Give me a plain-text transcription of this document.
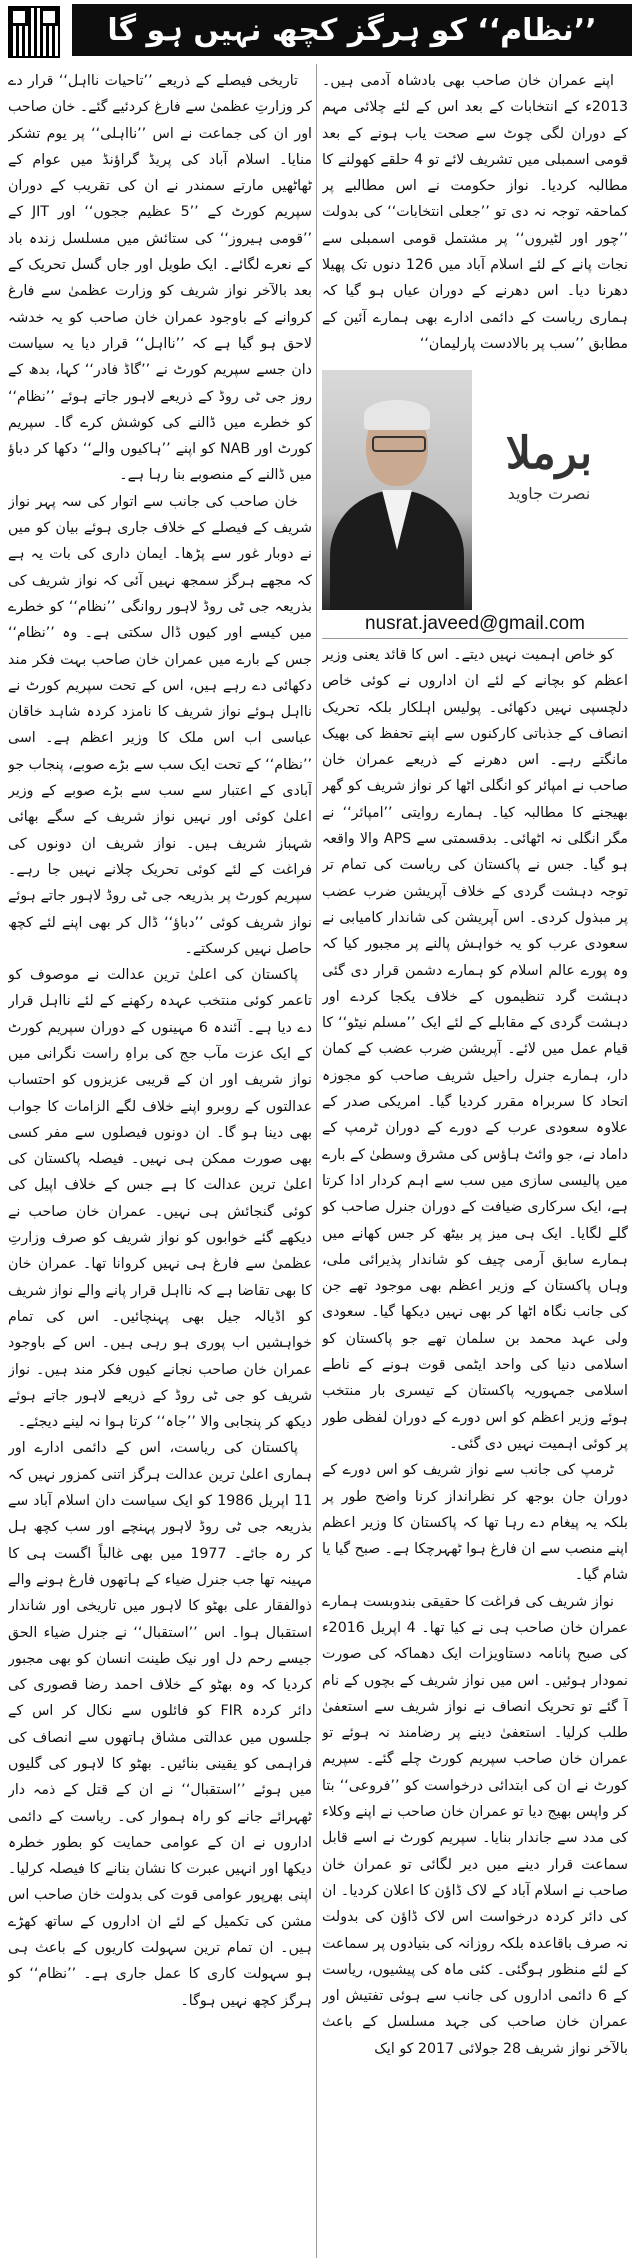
’’نظام‘‘ کو ہرگز کچھ نہیں ہو گا

اپنے عمران خان صاحب بھی بادشاہ آدمی ہیں۔ 2013ء کے انتخابات کے بعد اس کے لئے چلائی مہم کے دوران لگی چوٹ سے صحت یاب ہونے کے بعد قومی اسمبلی میں تشریف لائے تو 4 حلقے کھولنے کا مطالبہ کردیا۔ نواز حکومت نے اس مطالبے پر کماحقہ توجہ نہ دی تو ’’جعلی انتخابات‘‘ کی بدولت ’’چور اور لٹیروں‘‘ پر مشتمل قومی اسمبلی سے نجات پانے کے لئے اسلام آباد میں 126 دنوں تک پھیلا دھرنا دیا۔ اس دھرنے کے دوران عیاں ہو گیا کہ ہماری ریاست کے دائمی ادارے بھی ہمارے آئین کے مطابق ’’سب پر بالادست پارلیمان‘‘

برملا
نصرت جاوید
nusrat.javeed@gmail.com

کو خاص اہمیت نہیں دیتے۔ اس کا قائد یعنی وزیر اعظم کو بچانے کے لئے ان اداروں نے کوئی خاص دلچسپی نہیں دکھائی۔ پولیس اہلکار بلکہ تحریک انصاف کے جذباتی کارکنوں سے اپنے تحفظ کی بھیک مانگتے رہے۔ اس دھرنے کے ذریعے عمران خان صاحب نے امپائر کو انگلی اٹھا کر نواز شریف کو گھر بھیجنے کا مطالبہ کیا۔ ہمارے روایتی ’’امپائر‘‘ نے مگر انگلی نہ اٹھائی۔ بدقسمتی سے APS والا واقعہ ہو گیا۔ جس نے پاکستان کی ریاست کی تمام تر توجہ دہشت گردی کے خلاف آپریشن ضرب عضب پر مبذول کردی۔ اس آپریشن کی شاندار کامیابی نے سعودی عرب کو یہ خواہش پالنے پر مجبور کیا کہ وہ پورے عالم اسلام کو ہمارے دشمن قرار دی گئی دہشت گرد تنظیموں کے خلاف یکجا کردے اور دہشت گردی کے مقابلے کے لئے ایک ’’مسلم نیٹو‘‘ کا قیام عمل میں لائے۔ آپریشن ضرب عضب کے کمان دار، ہمارے جنرل راحیل شریف صاحب کو مجوزہ اتحاد کا سربراہ مقرر کردیا گیا۔ امریکی صدر کے علاوہ سعودی عرب کے دورے کے دوران ٹرمپ کے داماد نے، جو وائٹ ہاؤس کی مشرق وسطیٰ کے بارے میں پالیسی سازی میں سب سے اہم کردار ادا کرتا ہے، ایک سرکاری ضیافت کے دوران جنرل صاحب کو گلے لگایا۔ ایک ہی میز پر بیٹھ کر جس کھانے میں ہمارے سابق آرمی چیف کو شاندار پذیرائی ملی، وہاں پاکستان کے وزیر اعظم بھی موجود تھے جن کی جانب نگاہ اٹھا کر بھی نہیں دیکھا گیا۔ سعودی ولی عہد محمد بن سلمان تھے جو پاکستان کو اسلامی دنیا کی واحد ایٹمی قوت ہونے کے ناطے اسلامی جمہوریہ پاکستان کے تیسری بار منتخب ہوئے وزیر اعظم کو اس دورے کے دوران لفظی طور پر کوئی اہمیت نہیں دی گئی۔

ٹرمپ کی جانب سے نواز شریف کو اس دورے کے دوران جان بوجھ کر نظرانداز کرنا واضح طور پر بلکہ یہ پیغام دے رہا تھا کہ پاکستان کا وزیر اعظم اپنے منصب سے ان فارغ ہوا ٹھہرچکا ہے۔ صبح گیا یا شام گیا۔

نواز شریف کی فراغت کا حقیقی بندوبست ہمارے عمران خان صاحب ہی نے کیا تھا۔ 4 اپریل 2016ء کی صبح پانامہ دستاویزات ایک دھماکہ کی صورت نمودار ہوئیں۔ اس میں نواز شریف کے بچوں کے نام آ گئے تو تحریک انصاف نے نواز شریف سے استعفیٰ طلب کرلیا۔ استعفیٰ دینے پر رضامند نہ ہوئے تو عمران خان صاحب سپریم کورٹ چلے گئے۔ سپریم کورٹ نے ان کی ابتدائی درخواست کو ’’فروعی‘‘ بتا کر واپس بھیج دیا تو عمران خان صاحب نے اپنے وکلاء کی مدد سے جاندار بنایا۔ سپریم کورٹ نے اسے قابل سماعت قرار دینے میں دیر لگائی تو عمران خان صاحب نے اسلام آباد کے لاک ڈاؤن کا اعلان کردیا۔ ان کی دائر کردہ درخواست اس لاک ڈاؤن کی بدولت نہ صرف باقاعدہ بلکہ روزانہ کی بنیادوں پر سماعت کے لئے منظور ہوگئی۔ کئی ماہ کی پیشیوں، ریاست کے 6 دائمی اداروں کی جانب سے ہوئی تفتیش اور عمران خان صاحب کی جہد مسلسل کے باعث بالآخر نواز شریف 28 جولائی 2017 کو ایک

تاریخی فیصلے کے ذریعے ’’تاحیات نااہل‘‘ قرار دے کر وزارتِ عظمیٰ سے فارغ کردئیے گئے۔ خان صاحب اور ان کی جماعت نے اس ’’نااہلی‘‘ پر یوم تشکر منایا۔ اسلام آباد کی پریڈ گراؤنڈ میں عوام کے ٹھاٹھیں مارتے سمندر نے ان کی تقریب کے دوران سپریم کورٹ کے ’’5 عظیم ججوں‘‘ اور JIT کے ’’قومی ہیروز‘‘ کی ستائش میں مسلسل زندہ باد کے نعرے لگائے۔ ایک طویل اور جاں گسل تحریک کے بعد بالآخر نواز شریف کو وزارت عظمیٰ سے فارغ کروانے کے باوجود عمران خان صاحب کو یہ خدشہ لاحق ہو گیا ہے کہ ’’نااہل‘‘ قرار دیا یہ سیاست دان جسے سپریم کورٹ نے ’’گاڈ فادر‘‘ کہا، بدھ کے روز جی ٹی روڈ کے ذریعے لاہور جاتے ہوئے ’’نظام‘‘ کو خطرے میں ڈالنے کی کوشش کرے گا۔ سپریم کورٹ اور NAB کو اپنے ’’ہاکیوں والے‘‘ دکھا کر دباؤ میں ڈالنے کے منصوبے بنا رہا ہے۔

خان صاحب کی جانب سے اتوار کی سہ پہر نواز شریف کے فیصلے کے خلاف جاری ہوئے بیان کو میں نے دوبار غور سے پڑھا۔ ایمان داری کی بات یہ ہے کہ مجھے ہرگز سمجھ نہیں آئی کہ نواز شریف کی بذریعہ جی ٹی روڈ لاہور روانگی ’’نظام‘‘ کو خطرے میں کیسے اور کیوں ڈال سکتی ہے۔ وہ ’’نظام‘‘ جس کے بارے میں عمران خان صاحب بہت فکر مند دکھائی دے رہے ہیں، اس کے تحت سپریم کورٹ نے نااہل ہوئے نواز شریف کا نامزد کردہ شاہد خاقان عباسی اب اس ملک کا وزیر اعظم ہے۔ اسی ’’نظام‘‘ کے تحت ایک سب سے بڑے صوبے، پنجاب جو آبادی کے اعتبار سے سب سے بڑے صوبے کے وزیر اعلیٰ کوئی اور نہیں نواز شریف کے سگے بھائی شہباز شریف ہیں۔ نواز شریف ان دونوں کی فراغت کے لئے کوئی تحریک چلانے نہیں جا رہے۔ سپریم کورٹ پر بذریعہ جی ٹی روڈ لاہور جاتے ہوئے نواز شریف کوئی ’’دباؤ‘‘ ڈال کر بھی اپنے لئے کچھ حاصل نہیں کرسکتے۔

پاکستان کی اعلیٰ ترین عدالت نے موصوف کو تاعمر کوئی منتخب عہدہ رکھنے کے لئے نااہل قرار دے دیا ہے۔ آئندہ 6 مہینوں کے دوران سپریم کورٹ کے ایک عزت مآب جج کی براہِ راست نگرانی میں نواز شریف اور ان کے قریبی عزیزوں کو احتساب عدالتوں کے روبرو اپنے خلاف لگے الزامات کا جواب بھی دینا ہو گا۔ ان دونوں فیصلوں سے مفر کسی بھی صورت ممکن ہی نہیں۔ فیصلہ پاکستان کی اعلیٰ ترین عدالت کا ہے جس کے خلاف اپیل کی کوئی گنجائش ہی نہیں۔ عمران خان صاحب نے دیکھے گئے خوابوں کو نواز شریف کو صرف وزارتِ عظمیٰ سے فارغ ہی نہیں کروانا تھا۔ عمران خان کا بھی تقاضا ہے کہ نااہل قرار پانے والے نواز شریف کو اڈیالہ جیل بھی پہنچائیں۔ اس کی تمام خواہشیں اب پوری ہو رہی ہیں۔ اس کے باوجود عمران خان صاحب نجانے کیوں فکر مند ہیں۔ نواز شریف کو جی ٹی روڈ کے ذریعے لاہور جاتے ہوئے دیکھ کر پنجابی والا ’’جاہ‘‘ کرتا ہوا نہ لینے دیجئے۔

پاکستان کی ریاست، اس کے دائمی ادارے اور ہماری اعلیٰ ترین عدالت ہرگز اتنی کمزور نہیں کہ 11 اپریل 1986 کو ایک سیاست دان اسلام آباد سے بذریعہ جی ٹی روڈ لاہور پہنچے اور سب کچھ ہل کر رہ جائے۔ 1977 میں بھی غالباً اگست ہی کا مہینہ تھا جب جنرل ضیاء کے ہاتھوں فارغ ہونے والے ذوالفقار علی بھٹو کا لاہور میں تاریخی اور شاندار استقبال ہوا۔ اس ’’استقبال‘‘ نے جنرل ضیاء الحق جیسے رحم دل اور نیک طینت انسان کو بھی مجبور کردیا کہ وہ بھٹو کے خلاف احمد رضا قصوری کی دائر کردہ FIR کو فائلوں سے نکال کر اس کے جلسوں میں عدالتی مشاق ہاتھوں سے انصاف کی فراہمی کو یقینی بنائیں۔ بھٹو کا لاہور کی گلیوں میں ہوئے ’’استقبال‘‘ نے ان کے قتل کے ذمہ دار ٹھہرائے جانے کو راہ ہموار کی۔ ریاست کے دائمی اداروں نے ان کے عوامی حمایت کو بطور خطرہ دیکھا اور انہیں عبرت کا نشان بنانے کا فیصلہ کرلیا۔ اپنی بھرپور عوامی قوت کی بدولت خان صاحب اس مشن کی تکمیل کے لئے ان اداروں کے ساتھ کھڑے ہیں۔ ان تمام ترین سہولت کاریوں کے باعث ہی ہو سہولت کاری کا عمل جاری ہے۔ ’’نظام‘‘ کو ہرگز کچھ نہیں ہوگا۔
